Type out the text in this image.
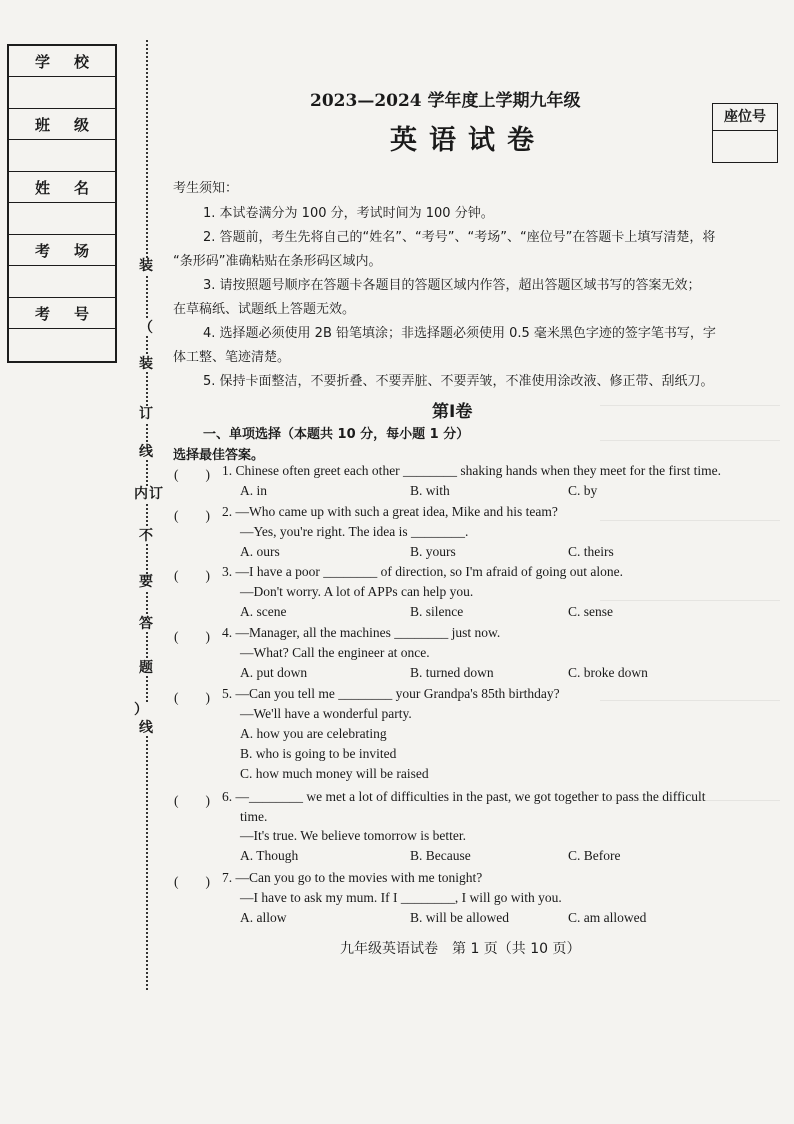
学 校
班 级
姓 名
考 场
考 号
装
（
装
订
线
内 订
不
要
答
题
）
线
座位号
2023—2024 学年度上学期九年级
英语试卷
考生须知：
1. 本试卷满分为 100 分，考试时间为 100 分钟。
2. 答题前，考生先将自己的“姓名”、“考号”、“考场”、“座位号”在答题卡上填写清楚，将
“条形码”准确粘贴在条形码区域内。
3. 请按照题号顺序在答题卡各题目的答题区域内作答，超出答题区域书写的答案无效；
在草稿纸、试题纸上答题无效。
4. 选择题必须使用 2B 铅笔填涂；非选择题必须使用 0.5 毫米黑色字迹的签字笔书写，字
体工整、笔迹清楚。
5. 保持卡面整洁，不要折叠、不要弄脏、不要弄皱，不准使用涂改液、修正带、刮纸刀。
第Ⅰ卷
一、单项选择（本题共 10 分，每小题 1 分）
选择最佳答案。
(　　) 1. Chinese often greet each other ________ shaking hands when they meet for the first time.
A. in	B. with	C. by
(　　) 2. —Who came up with such a great idea, Mike and his team?
—Yes, you're right. The idea is ________.
A. ours	B. yours	C. theirs
(　　) 3. —I have a poor ________ of direction, so I'm afraid of going out alone.
—Don't worry. A lot of APPs can help you.
A. scene	B. silence	C. sense
(　　) 4. —Manager, all the machines ________ just now.
—What? Call the engineer at once.
A. put down	B. turned down	C. broke down
(　　) 5. —Can you tell me ________ your Grandpa's 85th birthday?
—We'll have a wonderful party.
A. how you are celebrating
B. who is going to be invited
C. how much money will be raised
(　　) 6. —________ we met a lot of difficulties in the past, we got together to pass the difficult
time.
—It's true. We believe tomorrow is better.
A. Though	B. Because	C. Before
(　　) 7. —Can you go to the movies with me tonight?
—I have to ask my mum. If I ________, I will go with you.
A. allow	B. will be allowed	C. am allowed
九年级英语试卷　第 1 页（共 10 页）
